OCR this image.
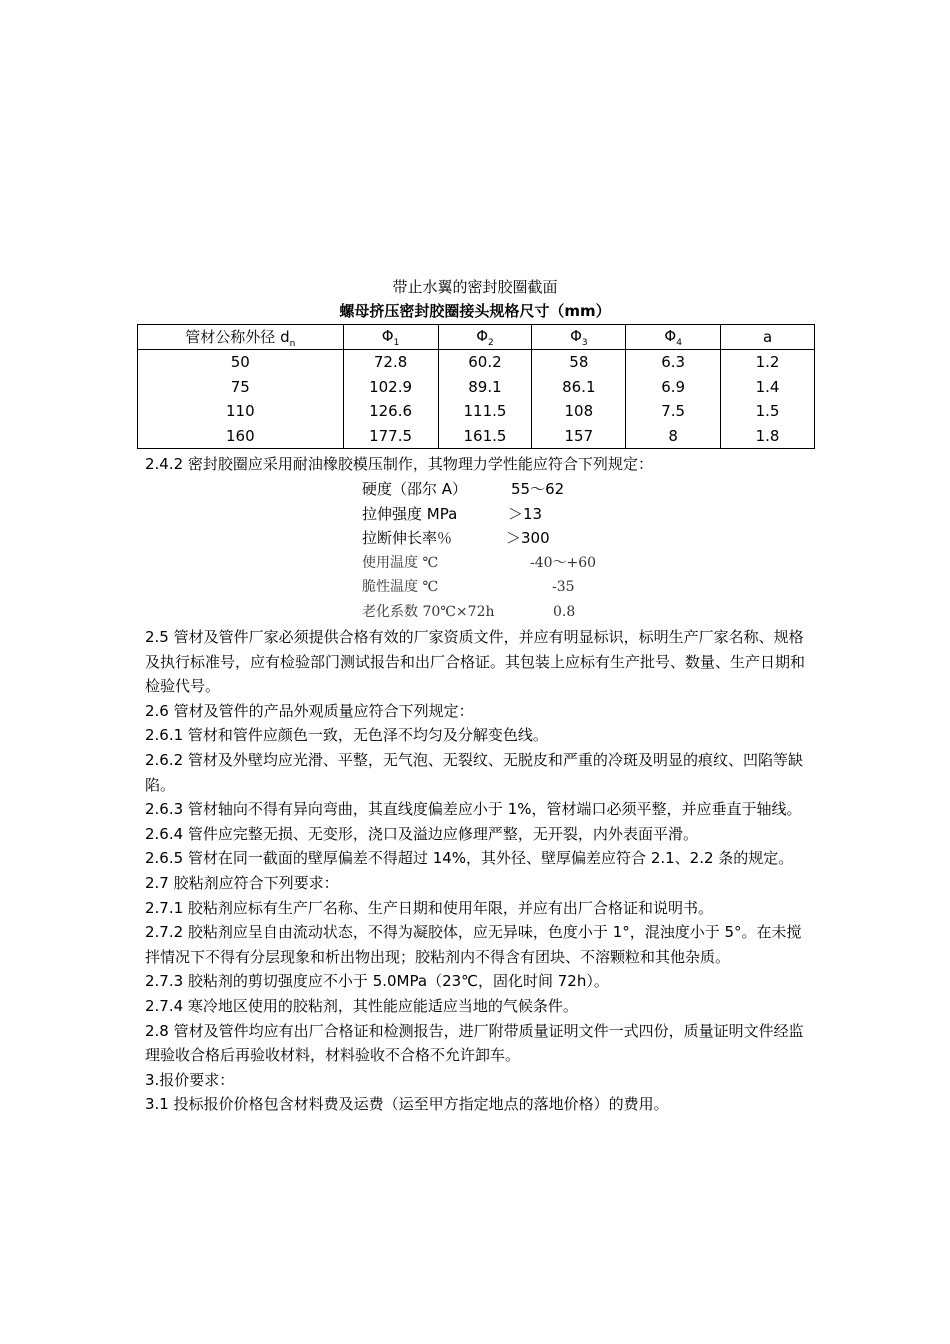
带止水翼的密封胶圈截面
螺母挤压密封胶圈接头规格尺寸（mm）
管材公称外径 $d_n$	$\Phi_1$	$\Phi_2$	$\Phi_3$	$\Phi_4$	a
50	72.8	60.2	58	6.3	1.2
75	102.9	89.1	86.1	6.9	1.4
110	126.6	111.5	108	7.5	1.5
160	177.5	161.5	157	8	1.8

2.4.2 密封胶圈应采用耐油橡胶模压制作，其物理力学性能应符合下列规定：

硬度（邵尔 A）	55～62
拉伸强度 MPa	＞13
拉断伸长率％	＞300
使用温度 ℃	-40～+60
脆性温度 ℃	-35
老化系数 70℃×72h	0.8

2.5 管材及管件厂家必须提供合格有效的厂家资质文件，并应有明显标识，标明生产厂家名称、规格及执行标准号，应有检验部门测试报告和出厂合格证。其包装上应标有生产批号、数量、生产日期和检验代号。

2.6 管材及管件的产品外观质量应符合下列规定：

2.6.1 管材和管件应颜色一致，无色泽不均匀及分解变色线。

2.6.2 管材及外壁均应光滑、平整，无气泡、无裂纹、无脱皮和严重的冷斑及明显的痕纹、凹陷等缺陷。

2.6.3 管材轴向不得有异向弯曲，其直线度偏差应小于 1%，管材端口必须平整，并应垂直于轴线。

2.6.4 管件应完整无损、无变形，浇口及溢边应修理严整，无开裂，内外表面平滑。

2.6.5 管材在同一截面的壁厚偏差不得超过 14%，其外径、壁厚偏差应符合 2.1、2.2 条的规定。

2.7 胶粘剂应符合下列要求：

2.7.1 胶粘剂应标有生产厂名称、生产日期和使用年限，并应有出厂合格证和说明书。

2.7.2 胶粘剂应呈自由流动状态，不得为凝胶体，应无异味，色度小于 1°，混浊度小于 5°。在未搅拌情况下不得有分层现象和析出物出现；胶粘剂内不得含有团块、不溶颗粒和其他杂质。

2.7.3 胶粘剂的剪切强度应不小于 5.0MPa（23℃，固化时间 72h）。

2.7.4 寒冷地区使用的胶粘剂，其性能应能适应当地的气候条件。

2.8 管材及管件均应有出厂合格证和检测报告，进厂附带质量证明文件一式四份，质量证明文件经监理验收合格后再验收材料，材料验收不合格不允许卸车。

3.报价要求：

3.1 投标报价价格包含材料费及运费（运至甲方指定地点的落地价格）的费用。
